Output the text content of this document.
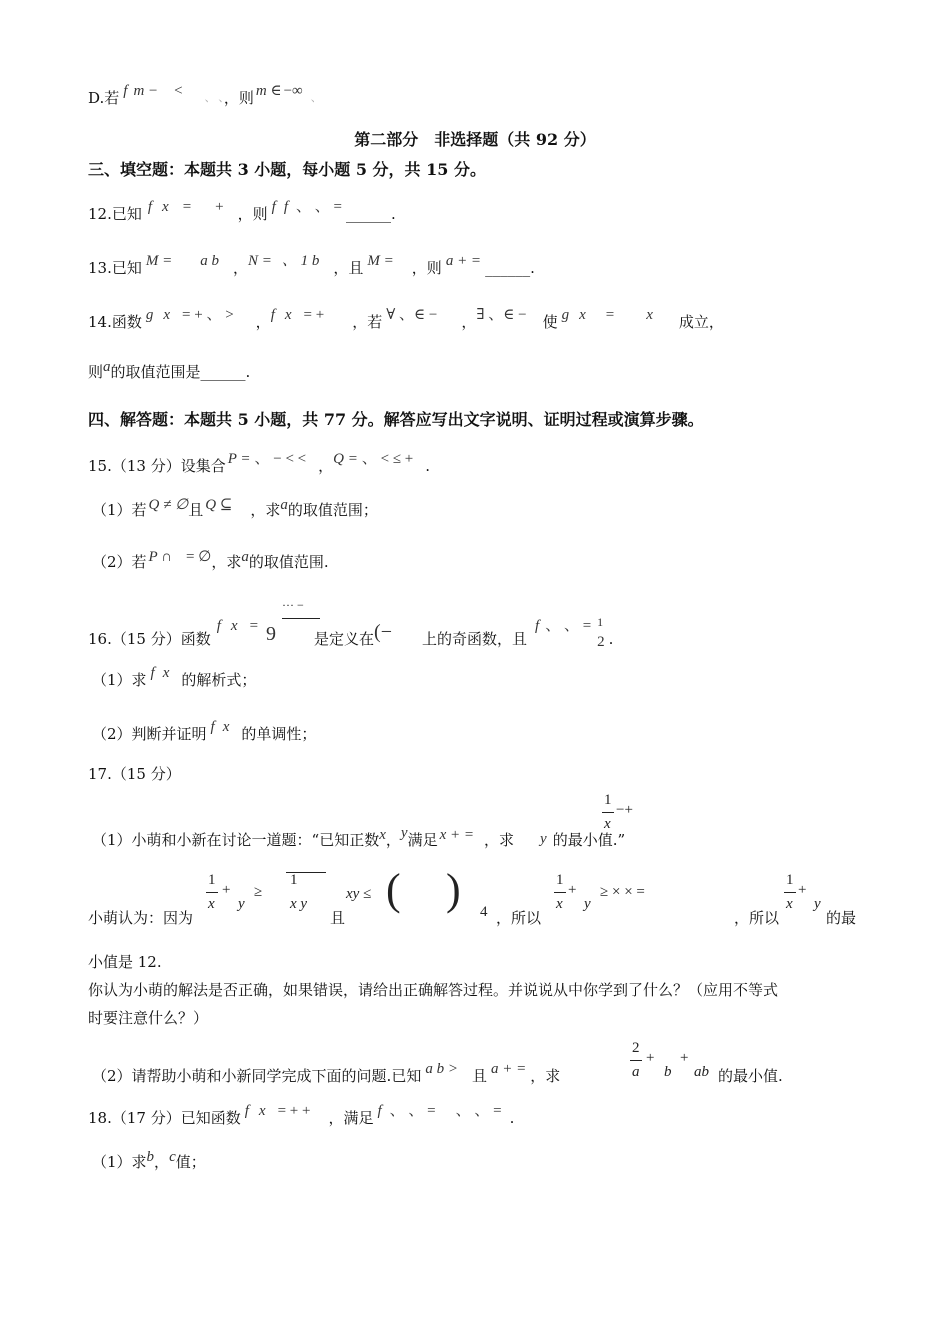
D.若 f m − < 、 、，则 m ∈ −∞ 、
第二部分　非选择题（共 92 分）
三、填空题：本题共 3 小题，每小题 5 分，共 15 分。
12.已知 f x = + ，则 f f 、 、 = ______.
13.已知 M = a b ，N = 、 1 b ，且 M = ，则 a + = ______.
14.函数 g x = + 、 > ，f x = + ，若 ∀ 、∈ − ，∃ 、∈ − 使 g x = x 成立，
则a的取值范围是______.
四、解答题：本题共 5 小题，共 77 分。解答应写出文字说明、证明过程或演算步骤。
15.（13 分）设集合 P = 、 − < < ，Q = 、 < ≤ + .
（1）若 Q ≠ ∅且 Q ⊆ ，求a的取值范围；
（2）若 P ∩ = ∅，求a的取值范围.
16.（15 分）函数f x = 9	是定义在(− 上的奇函数，且f 、 、 = $^1$2 .
··· −
（1）求 f x 的解析式；
（2）判断并证明 f x 的单调性；
17.（15 分）
1
x
−+
（1）小萌和小新在讨论一道题：“已知正数x，y满足 x + = ，求 y 的最小值.”
1
x
+
y
≥
1
x y
xy ≤ ( ) 4
1
x
+
y
≥ × × =
1
x
+
y
小萌认为：因为	且	，所以	，所以	的最
小值是 12.
你认为小萌的解法是否正确，如果错误，请给出正确解答过程。并说说从中你学到了什么？（应用不等式
时要注意什么？）
2
a
+
b
+
ab
（2）请帮助小萌和小新同学完成下面的问题.已知 a b > 且 a + = ，求	的最小值.
18.（17 分）已知函数 f x = + + ，满足 f 、 、 = 、 、 = .
（1）求b，c值；
